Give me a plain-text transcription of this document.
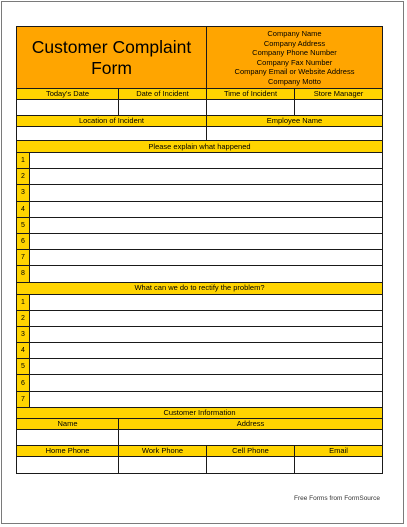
Customer Complaint
Form
Company Name
Company Address
Company Phone Number
Company Fax Number
Company Email or Website Address
Company Motto
Today's Date	Date of Incident	Time of Incident	Store Manager
Location of Incident	Employee Name
Please explain what happened
1
2
3
4
5
6
7
8
What can we do to rectify the problem?
1
2
3
4
5
6
7
Customer Information
Name	Address
Home Phone	Work Phone	Cell Phone	Email
Free Forms from FormSource
